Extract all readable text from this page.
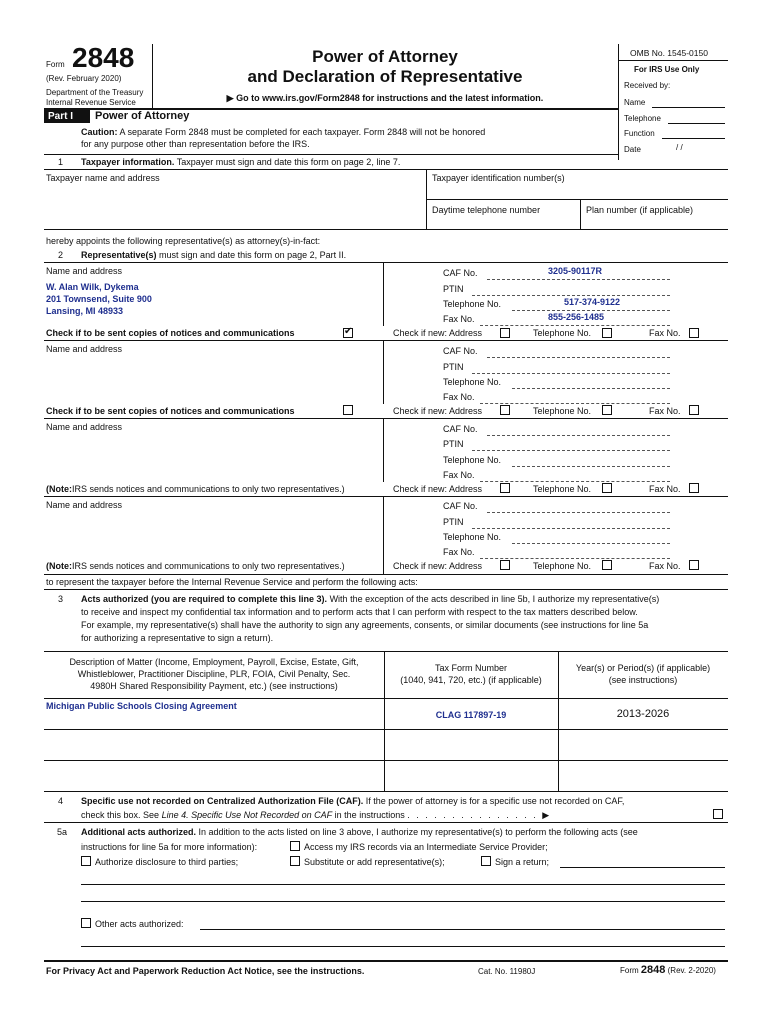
Form 2848
(Rev. February 2020)
Department of the Treasury
Internal Revenue Service
Power of Attorney
and Declaration of Representative
▶ Go to www.irs.gov/Form2848 for instructions and the latest information.
OMB No. 1545-0150
For IRS Use Only
Received by:
Name
Telephone
Function
Date	/ /
Part I	Power of Attorney
Caution: A separate Form 2848 must be completed for each taxpayer. Form 2848 will not be honored
for any purpose other than representation before the IRS.
1 Taxpayer information. Taxpayer must sign and date this form on page 2, line 7.
Taxpayer name and address	Taxpayer identification number(s)
Daytime telephone number	Plan number (if applicable)
hereby appoints the following representative(s) as attorney(s)-in-fact:
2 Representative(s) must sign and date this form on page 2, Part II.
Name and address
W. Alan Wilk, Dykema
201 Townsend, Suite 900
Lansing, MI 48933
CAF No.	3205-90117R
PTIN
Telephone No.	517-374-9122
Fax No.	855-256-1485
Check if to be sent copies of notices and communications
✔	Check if new: Address	Telephone No.	Fax No.
Name and address	CAF No.
PTIN
Telephone No.
Fax No.
Check if to be sent copies of notices and communications	Check if new: Address	Telephone No.	Fax No.
Name and address	CAF No.
PTIN
Telephone No.
Fax No.
(Note:IRS sends notices and communications to only two representatives.)	Check if new: Address	Telephone No.	Fax No.
Name and address	CAF No.
PTIN
Telephone No.
Fax No.
(Note:IRS sends notices and communications to only two representatives.)	Check if new: Address	Telephone No.	Fax No.
to represent the taxpayer before the Internal Revenue Service and perform the following acts:
3 Acts authorized (you are required to complete this line 3). With the exception of the acts described in line 5b, I authorize my representative(s)
to receive and inspect my confidential tax information and to perform acts that I can perform with respect to the tax matters described below.
For example, my representative(s) shall have the authority to sign any agreements, consents, or similar documents (see instructions for line 5a
for authorizing a representative to sign a return).
Description of Matter (Income, Employment, Payroll, Excise, Estate, Gift,
Whistleblower, Practitioner Discipline, PLR, FOIA, Civil Penalty, Sec.
4980H Shared Responsibility Payment, etc.) (see instructions)
Tax Form Number
(1040, 941, 720, etc.) (if applicable)
Year(s) or Period(s) (if applicable)
(see instructions)
Michigan Public Schools Closing Agreement
CLAG 117897-19	2013-2026
4 Specific use not recorded on Centralized Authorization File (CAF). If the power of attorney is for a specific use not recorded on CAF,
check this box. See Line 4. Specific Use Not Recorded on CAF in the instructions . . . . . . . . . . . . . . . ▶
5a Additional acts authorized. In addition to the acts listed on line 3 above, I authorize my representative(s) to perform the following acts (see
instructions for line 5a for more information):	Access my IRS records via an Intermediate Service Provider;
Authorize disclosure to third parties;	Substitute or add representative(s);	Sign a return;
Other acts authorized:
For Privacy Act and Paperwork Reduction Act Notice, see the instructions.	Cat. No. 11980J	Form 2848 (Rev. 2-2020)
